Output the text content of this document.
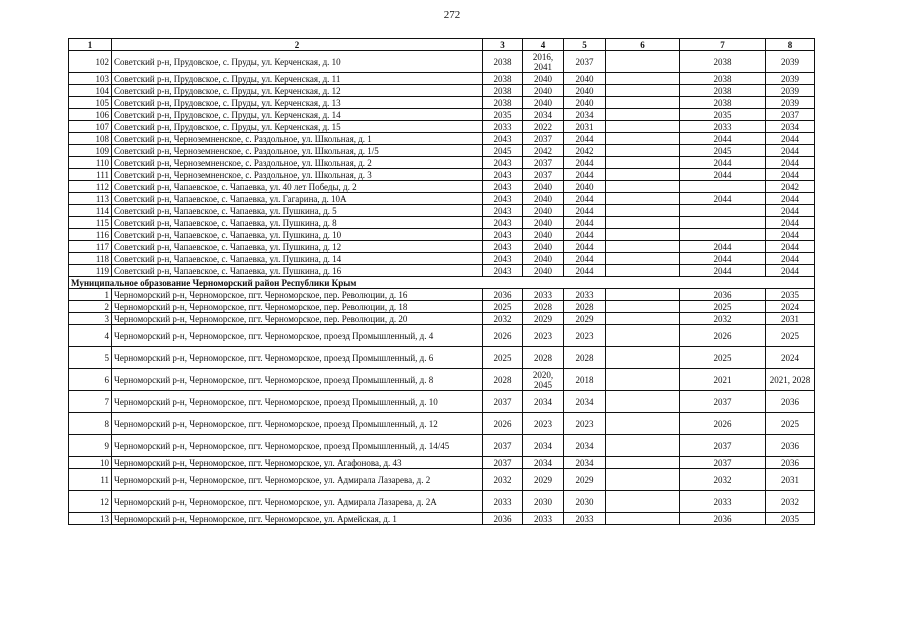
272
1	2	3	4	5	6	7	8
102	Советский р-н, Прудовское, с. Пруды, ул. Керченская, д. 10	2038	2016, 2041	2037		2038	2039
103	Советский р-н, Прудовское, с. Пруды, ул. Керченская, д. 11	2038	2040	2040		2038	2039
104	Советский р-н, Прудовское, с. Пруды, ул. Керченская, д. 12	2038	2040	2040		2038	2039
105	Советский р-н, Прудовское, с. Пруды, ул. Керченская, д. 13	2038	2040	2040		2038	2039
106	Советский р-н, Прудовское, с. Пруды, ул. Керченская, д. 14	2035	2034	2034		2035	2037
107	Советский р-н, Прудовское, с. Пруды, ул. Керченская, д. 15	2033	2022	2031		2033	2034
108	Советский р-н, Черноземненское, с. Раздольное, ул. Школьная, д. 1	2043	2037	2044		2044	2044
109	Советский р-н, Черноземненское, с. Раздольное, ул. Школьная, д. 1/5	2045	2042	2042		2045	2044
110	Советский р-н, Черноземненское, с. Раздольное, ул. Школьная, д. 2	2043	2037	2044		2044	2044
111	Советский р-н, Черноземненское, с. Раздольное, ул. Школьная, д. 3	2043	2037	2044		2044	2044
112	Советский р-н, Чапаевское, с. Чапаевка, ул. 40 лет Победы, д. 2	2043	2040	2040			2042
113	Советский р-н, Чапаевское, с. Чапаевка, ул. Гагарина, д. 10А	2043	2040	2044		2044	2044
114	Советский р-н, Чапаевское, с. Чапаевка, ул. Пушкина, д. 5	2043	2040	2044			2044
115	Советский р-н, Чапаевское, с. Чапаевка, ул. Пушкина, д. 8	2043	2040	2044			2044
116	Советский р-н, Чапаевское, с. Чапаевка, ул. Пушкина, д. 10	2043	2040	2044			2044
117	Советский р-н, Чапаевское, с. Чапаевка, ул. Пушкина, д. 12	2043	2040	2044		2044	2044
118	Советский р-н, Чапаевское, с. Чапаевка, ул. Пушкина, д. 14	2043	2040	2044		2044	2044
119	Советский р-н, Чапаевское, с. Чапаевка, ул. Пушкина, д. 16	2043	2040	2044		2044	2044
Муниципальное образование Черноморский район Республики Крым							
1	Черноморский р-н, Черноморское, пгт. Черноморское, пер. Революции, д. 16	2036	2033	2033		2036	2035
2	Черноморский р-н, Черноморское, пгт. Черноморское, пер. Революции, д. 18	2025	2028	2028		2025	2024
3	Черноморский р-н, Черноморское, пгт. Черноморское, пер. Революции, д. 20	2032	2029	2029		2032	2031
4	Черноморский р-н, Черноморское, пгт. Черноморское, проезд Промышленный, д. 4	2026	2023	2023		2026	2025
5	Черноморский р-н, Черноморское, пгт. Черноморское, проезд Промышленный, д. 6	2025	2028	2028		2025	2024
6	Черноморский р-н, Черноморское, пгт. Черноморское, проезд Промышленный, д. 8	2028	2020, 2045	2018		2021	2021, 2028
7	Черноморский р-н, Черноморское, пгт. Черноморское, проезд Промышленный, д. 10	2037	2034	2034		2037	2036
8	Черноморский р-н, Черноморское, пгт. Черноморское, проезд Промышленный, д. 12	2026	2023	2023		2026	2025
9	Черноморский р-н, Черноморское, пгт. Черноморское, проезд Промышленный, д. 14/45	2037	2034	2034		2037	2036
10	Черноморский р-н, Черноморское, пгт. Черноморское, ул. Агафонова, д. 43	2037	2034	2034		2037	2036
11	Черноморский р-н, Черноморское, пгт. Черноморское, ул. Адмирала Лазарева, д. 2	2032	2029	2029		2032	2031
12	Черноморский р-н, Черноморское, пгт. Черноморское, ул. Адмирала Лазарева, д. 2А	2033	2030	2030		2033	2032
13	Черноморский р-н, Черноморское, пгт. Черноморское, ул. Армейская, д. 1	2036	2033	2033		2036	2035
